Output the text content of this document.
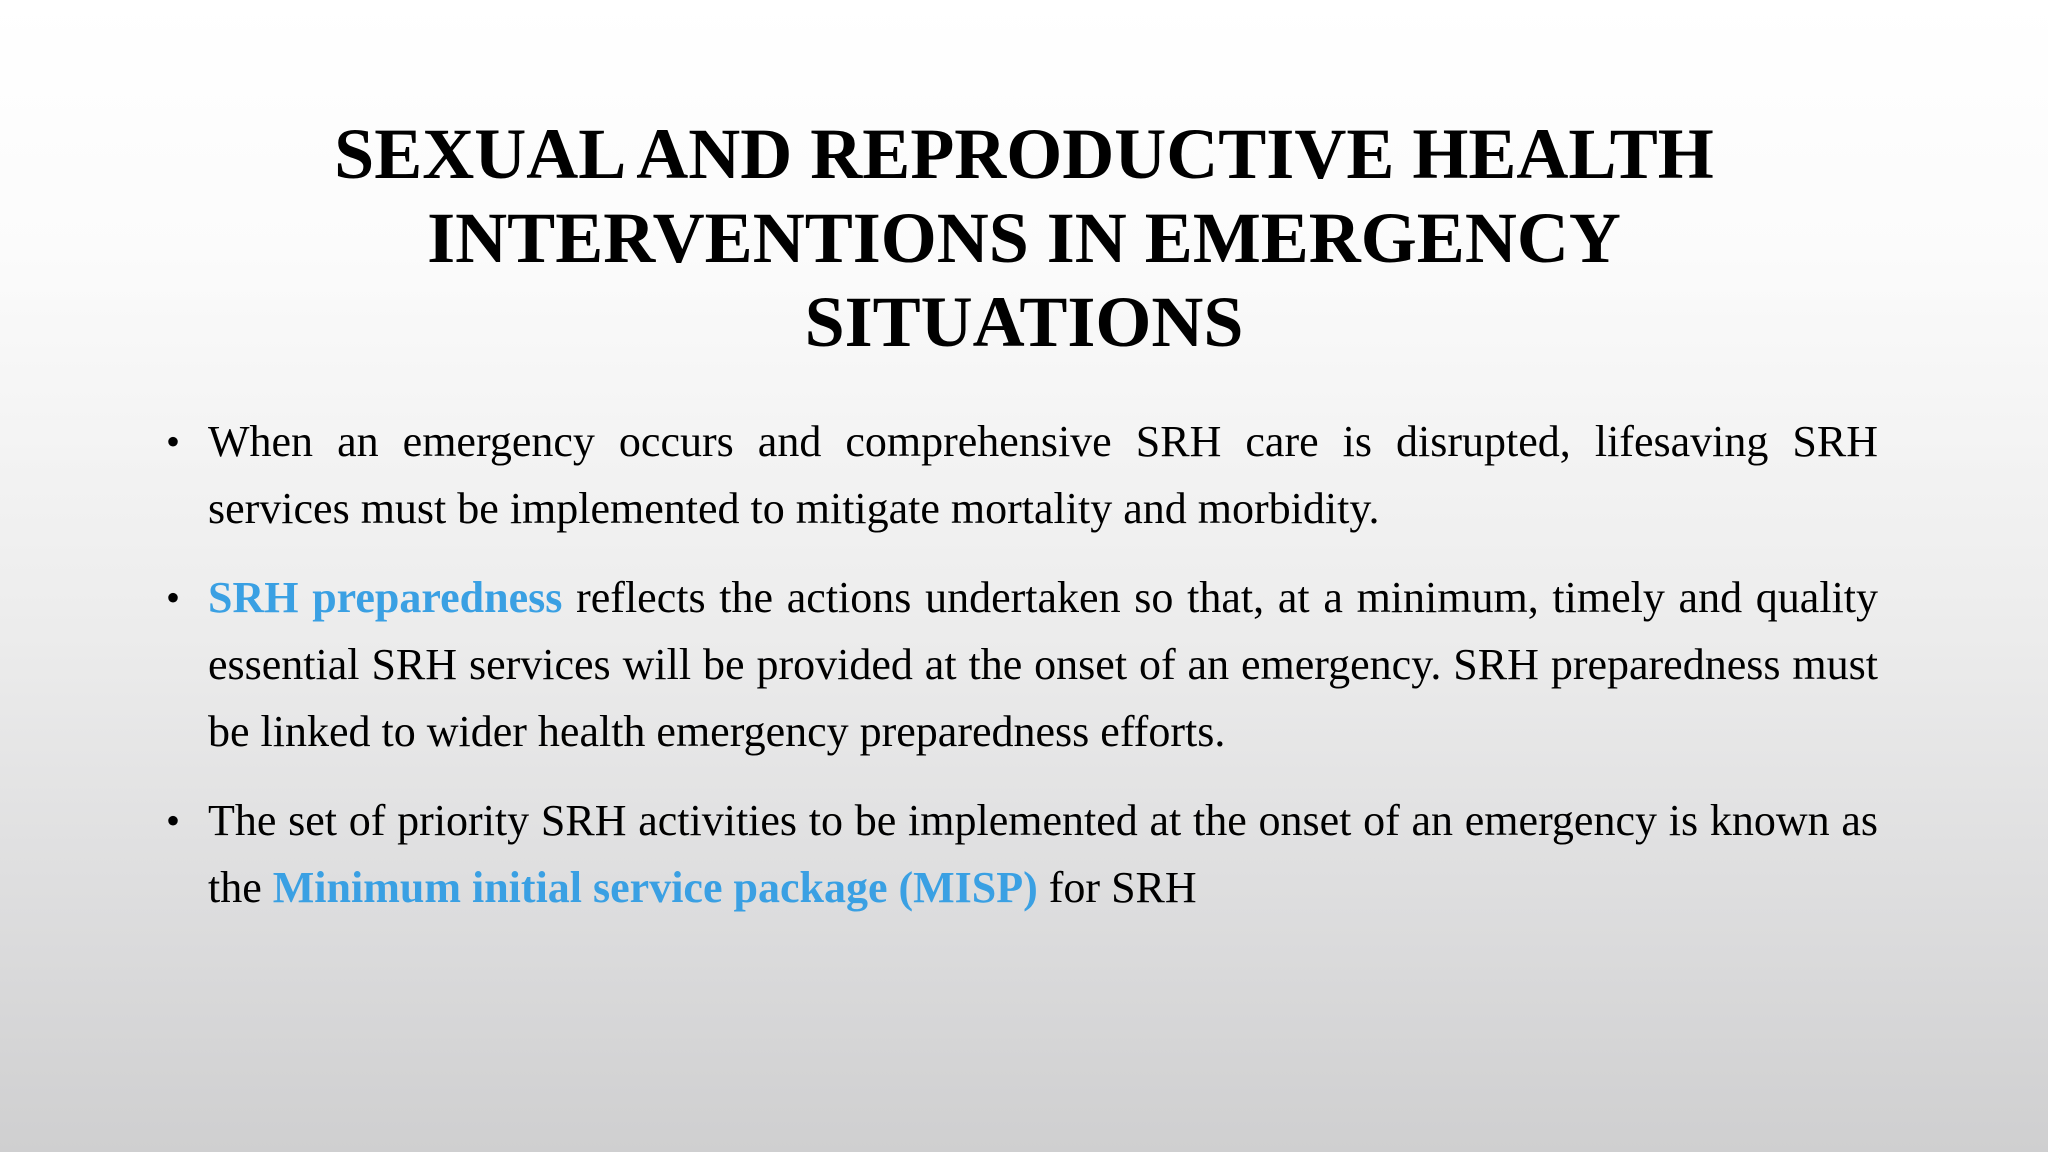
SEXUAL AND REPRODUCTIVE HEALTH
INTERVENTIONS IN EMERGENCY
SITUATIONS
• When an emergency occurs and comprehensive SRH care is disrupted, lifesaving SRH services must be implemented to mitigate mortality and morbidity.
• SRH preparedness reflects the actions undertaken so that, at a minimum, timely and quality essential SRH services will be provided at the onset of an emergency. SRH preparedness must be linked to wider health emergency preparedness efforts.
• The set of priority SRH activities to be implemented at the onset of an emergency is known as the Minimum initial service package (MISP) for SRH
